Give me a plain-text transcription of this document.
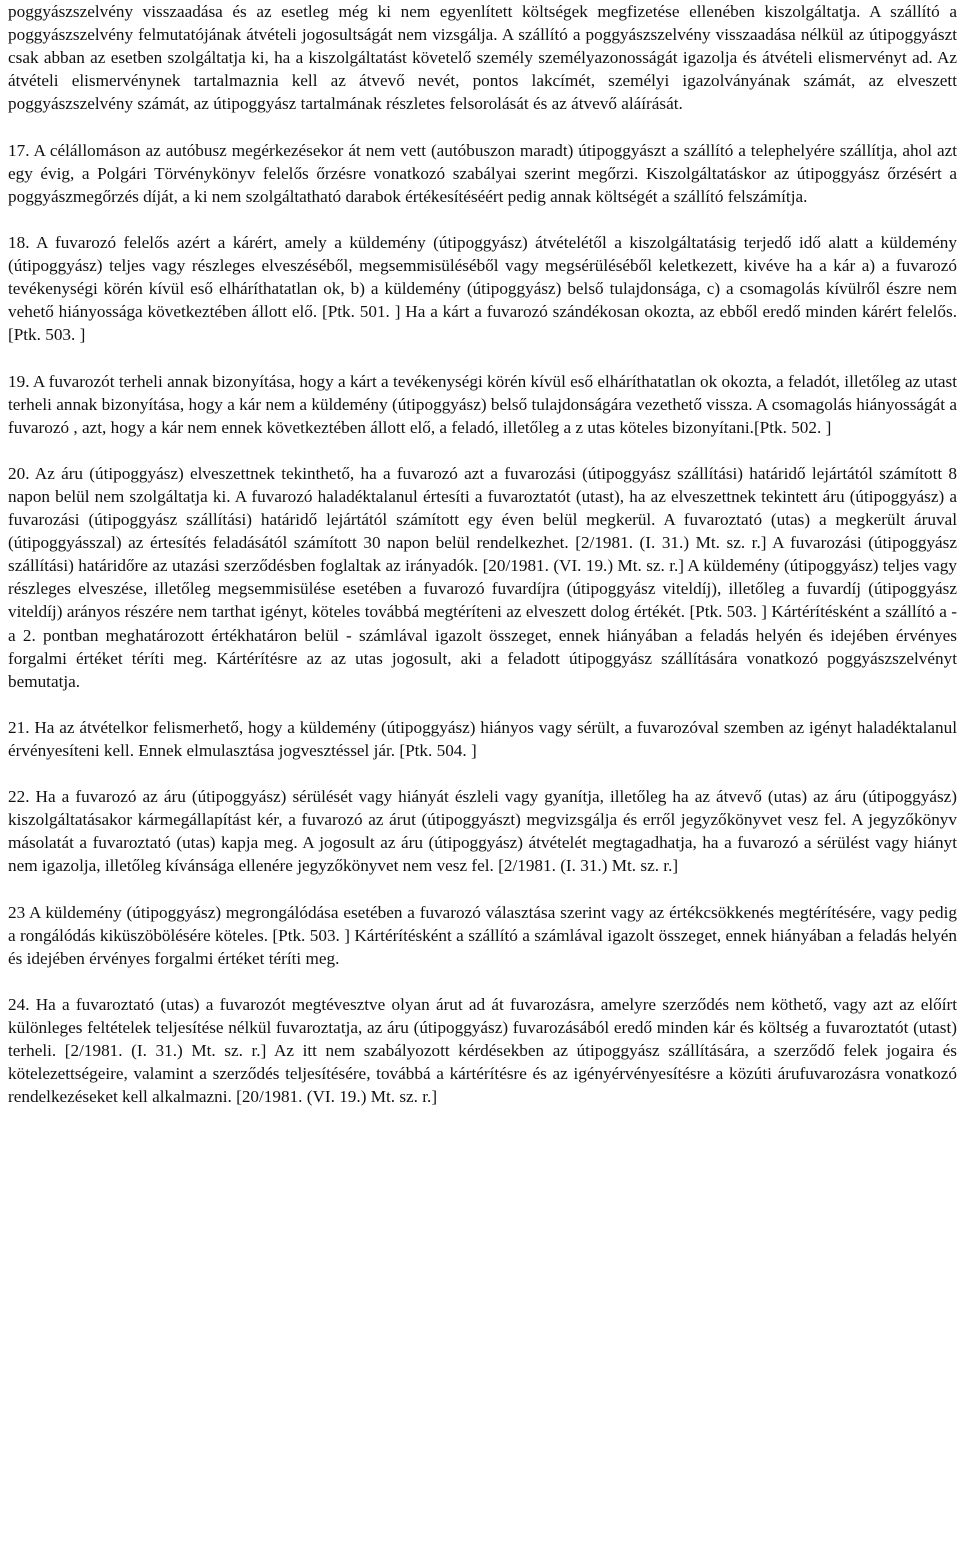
poggyászszelvény visszaadása és az esetleg még ki nem egyenlített költségek megfizetése ellenében kiszolgáltatja. A szállító a poggyászszelvény felmutatójának átvételi jogosultságát nem vizsgálja. A szállító a poggyászszelvény visszaadása nélkül az útipoggyászt csak abban az esetben szolgáltatja ki, ha a kiszolgáltatást követelő személy személyazonosságát igazolja és átvételi elismervényt ad. Az átvételi elismervénynek tartalmaznia kell az átvevő nevét, pontos lakcímét, személyi igazolványának számát, az elveszett poggyászszelvény számát, az útipoggyász tartalmának részletes felsorolását és az átvevő aláírását.

17. A célállomáson az autóbusz megérkezésekor át nem vett (autóbuszon maradt) útipoggyászt a szállító a telephelyére szállítja, ahol azt egy évig, a Polgári Törvénykönyv felelős őrzésre vonatkozó szabályai szerint megőrzi. Kiszolgáltatáskor az útipoggyász őrzésért a poggyászmegőrzés díját, a ki nem szolgáltatható darabok értékesítéséért pedig annak költségét a szállító felszámítja.

18. A fuvarozó felelős azért a kárért, amely a küldemény (útipoggyász) átvételétől a kiszolgáltatásig terjedő idő alatt a küldemény (útipoggyász) teljes vagy részleges elveszéséből, megsemmisüléséből vagy megsérüléséből keletkezett, kivéve ha a kár a) a fuvarozó tevékenységi körén kívül eső elháríthatatlan ok, b) a küldemény (útipoggyász) belső tulajdonsága, c) a csomagolás kívülről észre nem vehető hiányossága következtében állott elő. [Ptk. 501. ] Ha a kárt a fuvarozó szándékosan okozta, az ebből eredő minden kárért felelős. [Ptk. 503. ]

19. A fuvarozót terheli annak bizonyítása, hogy a kárt a tevékenységi körén kívül eső elháríthatatlan ok okozta, a feladót, illetőleg az utast terheli annak bizonyítása, hogy a kár nem a küldemény (útipoggyász) belső tulajdonságára vezethető vissza. A csomagolás hiányosságát a fuvarozó , azt, hogy a kár nem ennek következtében állott elő, a feladó, illetőleg a z utas köteles bizonyítani.[Ptk. 502. ]

20. Az áru (útipoggyász) elveszettnek tekinthető, ha a fuvarozó azt a fuvarozási (útipoggyász szállítási) határidő lejártától számított 8 napon belül nem szolgáltatja ki. A fuvarozó haladéktalanul értesíti a fuvaroztatót (utast), ha az elveszettnek tekintett áru (útipoggyász) a fuvarozási (útipoggyász szállítási) határidő lejártától számított egy éven belül megkerül. A fuvaroztató (utas) a megkerült áruval (útipoggyásszal) az értesítés feladásától számított 30 napon belül rendelkezhet. [2/1981. (I. 31.) Mt. sz. r.] A fuvarozási (útipoggyász szállítási) határidőre az utazási szerződésben foglaltak az irányadók. [20/1981. (VI. 19.) Mt. sz. r.] A küldemény (útipoggyász) teljes vagy részleges elveszése, illetőleg megsemmisülése esetében a fuvarozó fuvardíjra (útipoggyász viteldíj), illetőleg a fuvardíj (útipoggyász viteldíj) arányos részére nem tarthat igényt, köteles továbbá megtéríteni az elveszett dolog értékét. [Ptk. 503. ] Kártérítésként a szállító a - a 2. pontban meghatározott értékhatáron belül - számlával igazolt összeget, ennek hiányában a feladás helyén és idejében érvényes forgalmi értéket téríti meg. Kártérítésre az az utas jogosult, aki a feladott útipoggyász szállítására vonatkozó poggyászszelvényt bemutatja.

21. Ha az átvételkor felismerhető, hogy a küldemény (útipoggyász) hiányos vagy sérült, a fuvarozóval szemben az igényt haladéktalanul érvényesíteni kell. Ennek elmulasztása jogvesztéssel jár. [Ptk. 504. ]

22. Ha a fuvarozó az áru (útipoggyász) sérülését vagy hiányát észleli vagy gyanítja, illetőleg ha az átvevő (utas) az áru (útipoggyász) kiszolgáltatásakor kármegállapítást kér, a fuvarozó az árut (útipoggyászt) megvizsgálja és erről jegyzőkönyvet vesz fel. A jegyzőkönyv másolatát a fuvaroztató (utas) kapja meg. A jogosult az áru (útipoggyász) átvételét megtagadhatja, ha a fuvarozó a sérülést vagy hiányt nem igazolja, illetőleg kívánsága ellenére jegyzőkönyvet nem vesz fel. [2/1981. (I. 31.) Mt. sz. r.]

23 A küldemény (útipoggyász) megrongálódása esetében a fuvarozó választása szerint vagy az értékcsökkenés megtérítésére, vagy pedig a rongálódás kiküszöbölésére köteles. [Ptk. 503. ] Kártérítésként a szállító a számlával igazolt összeget, ennek hiányában a feladás helyén és idejében érvényes forgalmi értéket téríti meg.

24. Ha a fuvaroztató (utas) a fuvarozót megtévesztve olyan árut ad át fuvarozásra, amelyre szerződés nem köthető, vagy azt az előírt különleges feltételek teljesítése nélkül fuvaroztatja, az áru (útipoggyász) fuvarozásából eredő minden kár és költség a fuvaroztatót (utast) terheli. [2/1981. (I. 31.) Mt. sz. r.] Az itt nem szabályozott kérdésekben az útipoggyász szállítására, a szerződő felek jogaira és kötelezettségeire, valamint a szerződés teljesítésére, továbbá a kártérítésre és az igényérvényesítésre a közúti árufuvarozásra vonatkozó rendelkezéseket kell alkalmazni. [20/1981. (VI. 19.) Mt. sz. r.]
